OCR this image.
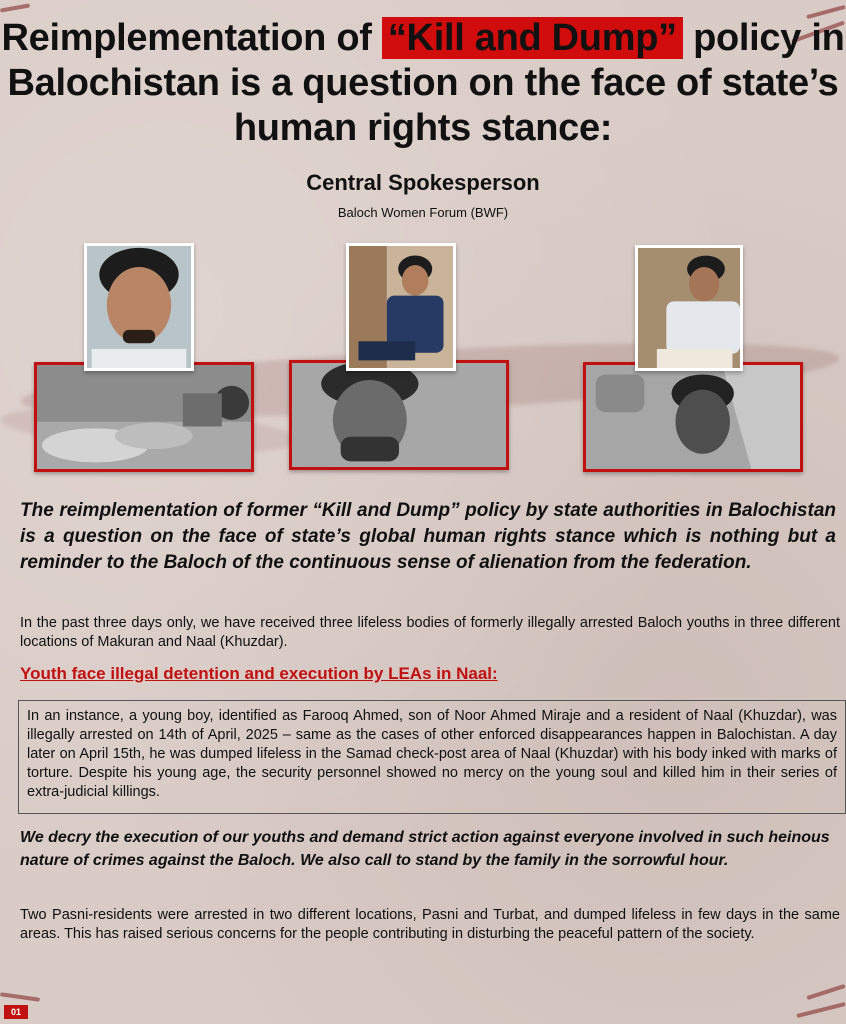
Reimplementation of “Kill and Dump” policy in
Balochistan is a question on the face of state’s
human rights stance:
Central Spokesperson
Baloch Women Forum (BWF)
The reimplementation of former “Kill and Dump” policy by state authorities in Balochistan is a question on the face of state’s global human rights stance which is nothing but a reminder to the Baloch of the continuous sense of alienation from the federation.
In the past three days only, we have received three lifeless bodies of formerly illegally arrested Baloch youths in three different locations of Makuran and Naal (Khuzdar).
Youth face illegal detention and execution by LEAs in Naal:
In an instance, a young boy, identified as Farooq Ahmed, son of Noor Ahmed Miraje and a resident of Naal (Khuzdar), was illegally arrested on 14th of April, 2025 – same as the cases of other enforced disappearances happen in Balochistan. A day later on April 15th, he was dumped lifeless in the Samad check-post area of Naal (Khuzdar) with his body inked with marks of torture. Despite his young age, the security personnel showed no mercy on the young soul and killed him in their series of extra-judicial killings.
We decry the execution of our youths and demand strict action against everyone involved in such heinous nature of crimes against the Baloch. We also call to stand by the family in the sorrowful hour.
Two Pasni-residents were arrested in two different locations, Pasni and Turbat, and dumped lifeless in few days in the same areas. This has raised serious concerns for the people contributing in disturbing the peaceful pattern of the society.
01
